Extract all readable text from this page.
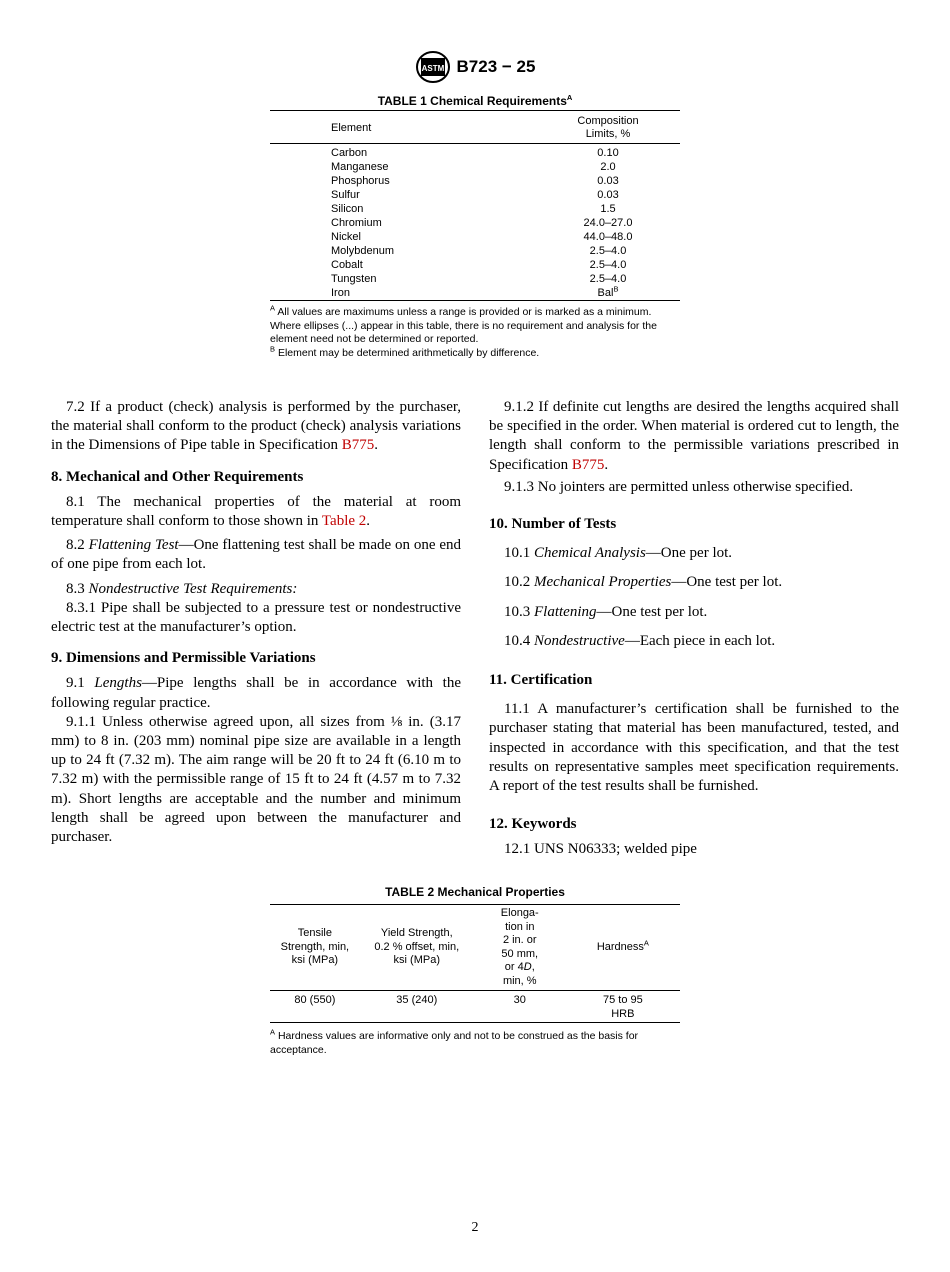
ASTM B723 − 25
TABLE 1 Chemical Requirements$^A$
Element	Composition
Limits, %
Carbon	0.10
Manganese	2.0
Phosphorus	0.03
Sulfur	0.03
Silicon	1.5
Chromium	24.0–27.0
Nickel	44.0–48.0
Molybdenum	2.5–4.0
Cobalt	2.5–4.0
Tungsten	2.5–4.0
Iron	Bal$^B$
$^A$ All values are maximums unless a range is provided or is marked as a minimum. Where ellipses (...) appear in this table, there is no requirement and analysis for the element need not be determined or reported.
$^B$ Element may be determined arithmetically by difference.

7.2 If a product (check) analysis is performed by the purchaser, the material shall conform to the product (check) analysis variations in the Dimensions of Pipe table in Specification B775.

8. Mechanical and Other Requirements

8.1 The mechanical properties of the material at room temperature shall conform to those shown in Table 2.

8.2 Flattening Test—One flattening test shall be made on one end of one pipe from each lot.

8.3 Nondestructive Test Requirements:

8.3.1 Pipe shall be subjected to a pressure test or nondestructive electric test at the manufacturer’s option.

9. Dimensions and Permissible Variations

9.1 Lengths—Pipe lengths shall be in accordance with the following regular practice.

9.1.1 Unless otherwise agreed upon, all sizes from ⅛ in. (3.17 mm) to 8 in. (203 mm) nominal pipe size are available in a length up to 24 ft (7.32 m). The aim range will be 20 ft to 24 ft (6.10 m to 7.32 m) with the permissible range of 15 ft to 24 ft (4.57 m to 7.32 m). Short lengths are acceptable and the number and minimum length shall be agreed upon between the manufacturer and purchaser.

9.1.2 If definite cut lengths are desired the lengths acquired shall be specified in the order. When material is ordered cut to length, the length shall conform to the permissible variations prescribed in Specification B775.

9.1.3 No jointers are permitted unless otherwise specified.

10. Number of Tests

10.1 Chemical Analysis—One per lot.

10.2 Mechanical Properties—One test per lot.

10.3 Flattening—One test per lot.

10.4 Nondestructive—Each piece in each lot.

11. Certification

11.1 A manufacturer’s certification shall be furnished to the purchaser stating that material has been manufactured, tested, and inspected in accordance with this specification, and that the test results on representative samples meet specification requirements. A report of the test results shall be furnished.

12. Keywords

12.1 UNS N06333; welded pipe

TABLE 2 Mechanical Properties
Tensile Strength, min, ksi (MPa)	Yield Strength, 0.2 % offset, min, ksi (MPa)	Elonga- tion in 2 in. or 50 mm, or 4D, min, %	Hardness$^A$
80 (550)	35 (240)	30	75 to 95 HRB
$^A$ Hardness values are informative only and not to be construed as the basis for acceptance.
2
